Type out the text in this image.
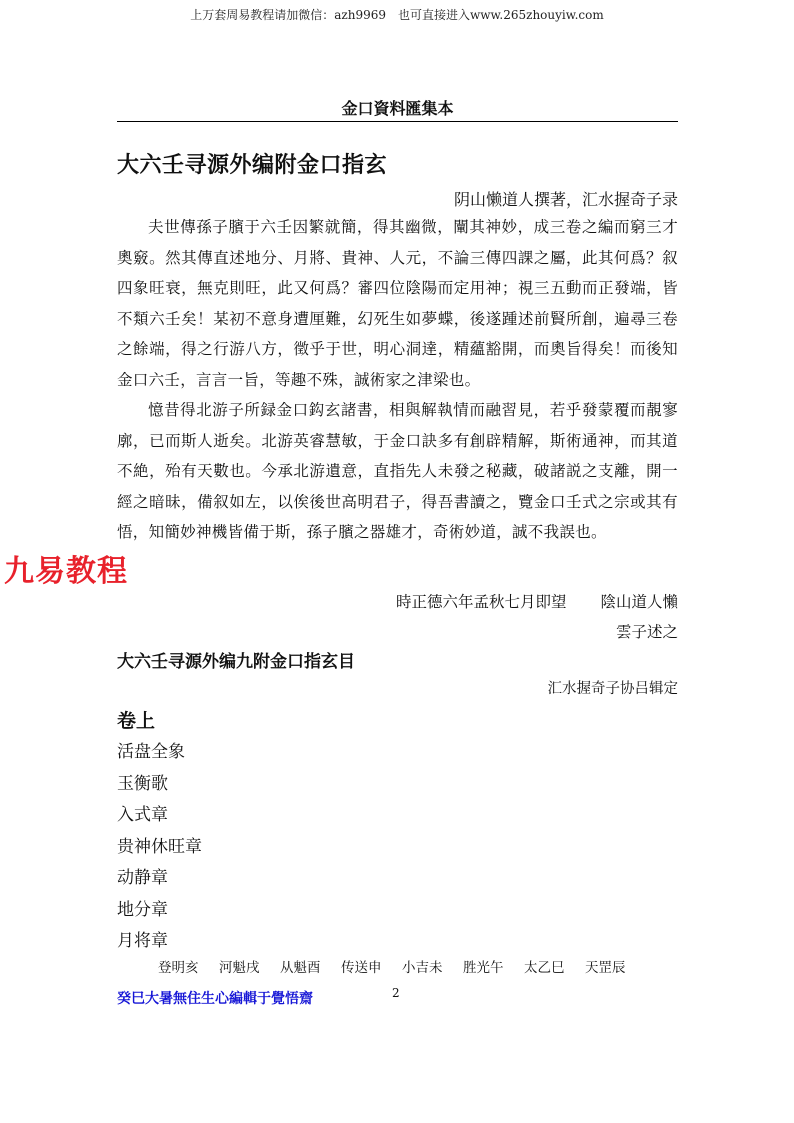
上万套周易教程请加微信：azh9969　也可直接进入www.265zhouyiw.com
金口資料匯集本
大六壬寻源外编附金口指玄
阴山懒道人撰著，汇水握奇子录

夫世傳孫子臏于六壬因繁就簡，得其幽微，闡其神妙，成三卷之編而窮三才奧竅。然其傳直述地分、月將、貴神、人元，不論三傳四課之屬，此其何爲？叙四象旺衰，無克則旺，此又何爲？審四位陰陽而定用神；視三五動而正發端，皆不類六壬矣！某初不意身遭厘難，幻死生如夢蝶，後遂踵述前賢所創，遍尋三卷之餘端，得之行游八方，徵乎于世，明心洞達，精蘊豁開，而奧旨得矣！而後知金口六壬，言言一旨，等趣不殊，誠術家之津梁也。

憶昔得北游子所録金口鈎玄諸書，相與解執情而融習見，若乎發蒙覆而靚寥廓，已而斯人逝矣。北游英睿慧敏，于金口訣多有創辟精解，斯術通神，而其道不絶，殆有天數也。今承北游遺意，直指先人未發之秘藏，破諸説之支離，開一經之暗昧，備叙如左，以俟後世高明君子，得吾書讀之，覽金口壬式之宗或其有悟，知簡妙神機皆備于斯，孫子臏之器雄才，奇術妙道，誠不我誤也。

時正德六年孟秋七月即望 陰山道人懶
雲子述之
九易教程
大六壬寻源外编九附金口指玄目
汇水握奇子协吕辑定
卷上
活盘全象
玉衡歌
入式章
贵神休旺章
动静章
地分章
月将章
登明亥	河魁戌	从魁酉	传送申	小吉未	胜光午	太乙巳	天罡辰
癸巳大暑無住生心編輯于覺悟齋	2
